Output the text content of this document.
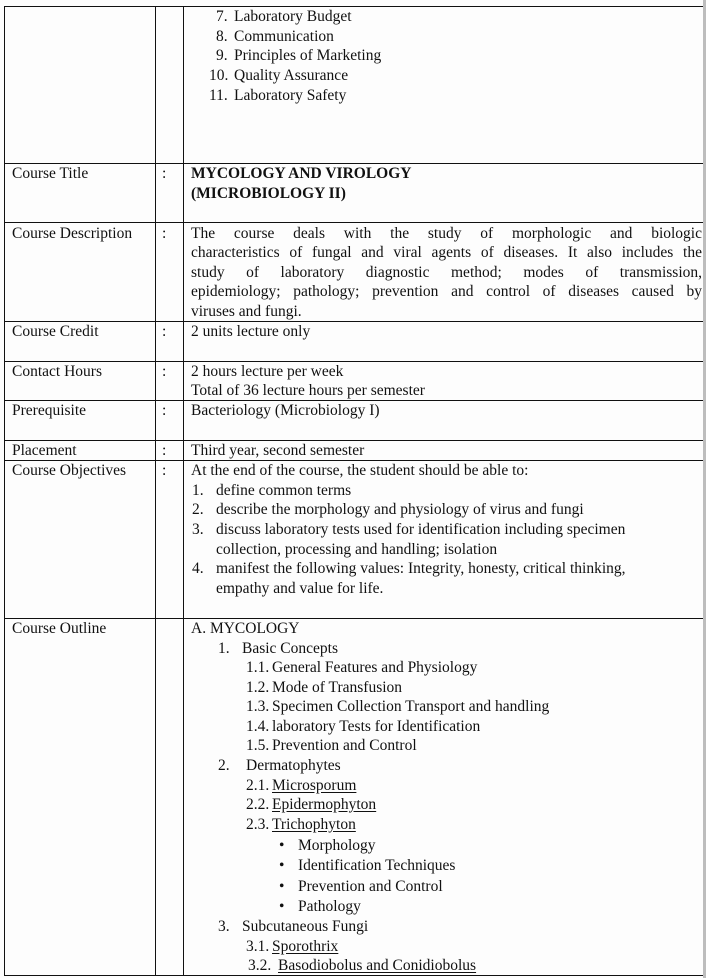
7. Laboratory Budget
8. Communication
9. Principles of Marketing
10. Quality Assurance
11. Laboratory Safety
Course Title	: MYCOLOGY AND VIROLOGY
(MICROBIOLOGY II)
Course Description : The course deals with the study of morphologic and biologic
characteristics of fungal and viral agents of diseases. It also includes the
study of laboratory diagnostic method; modes of transmission,
epidemiology; pathology; prevention and control of diseases caused by
viruses and fungi.
Course Credit	: 2 units lecture only
Contact Hours	: 2 hours lecture per week
Total of 36 lecture hours per semester
Prerequisite	: Bacteriology (Microbiology I)
Placement	: Third year, second semester
Course Objectives : At the end of the course, the student should be able to:
1. define common terms
2. describe the morphology and physiology of virus and fungi
3. discuss laboratory tests used for identification including specimen
collection, processing and handling; isolation
4. manifest the following values: Integrity, honesty, critical thinking,
empathy and value for life.
Course Outline	A. MYCOLOGY
1. Basic Concepts
1.1. General Features and Physiology
1.2. Mode of Transfusion
1.3. Specimen Collection Transport and handling
1.4. laboratory Tests for Identification
1.5. Prevention and Control
2. Dermatophytes
2.1. Microsporum
2.2. Epidermophyton
2.3. Trichophyton
• Morphology
• Identification Techniques
• Prevention and Control
• Pathology
3. Subcutaneous Fungi
3.1. Sporothrix
3.2. Basodiobolus and Conidiobolus
